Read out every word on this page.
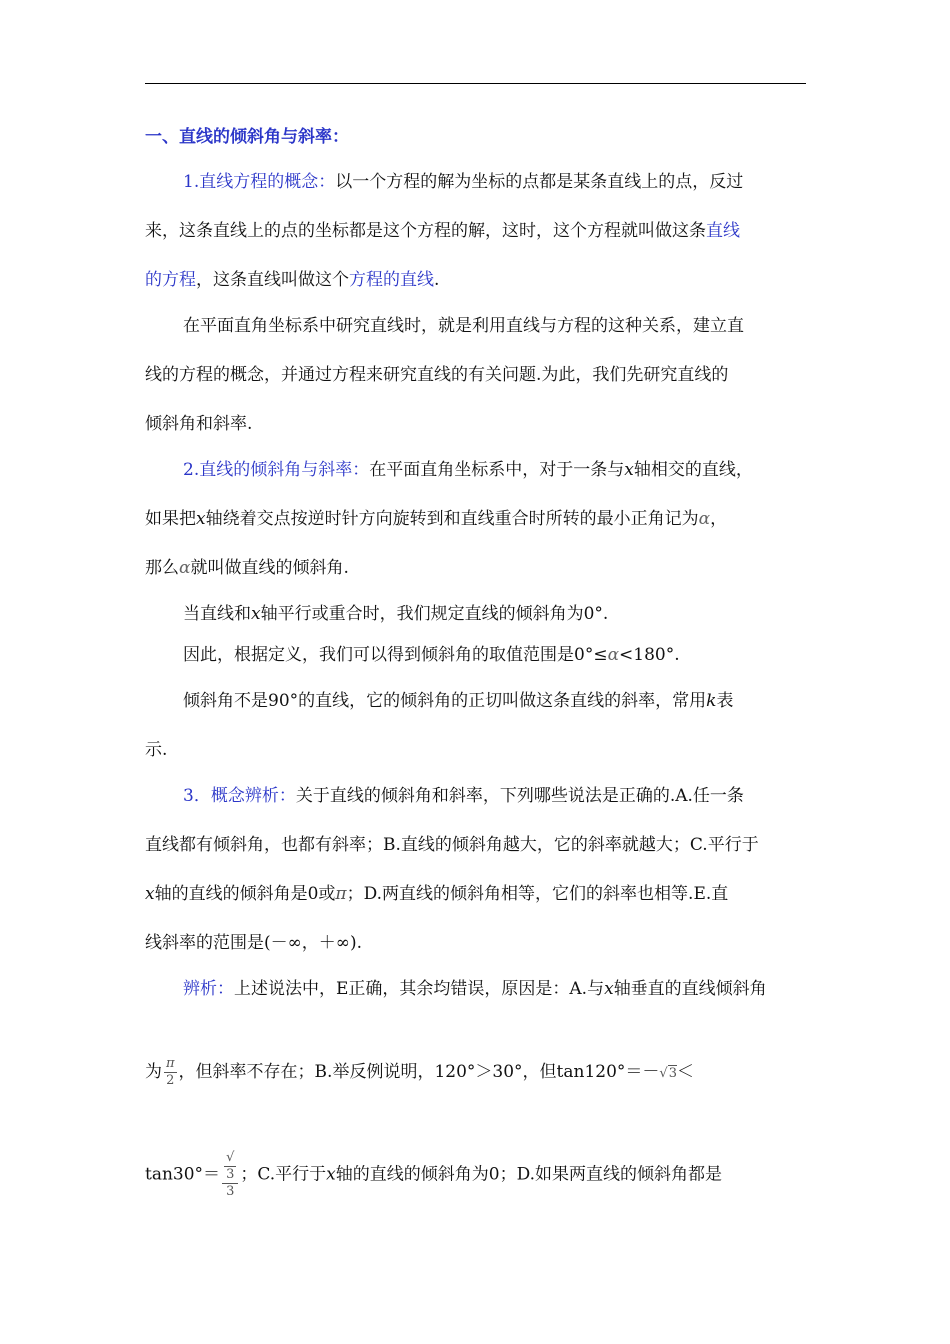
一、直线的倾斜角与斜率：
1.直线方程的概念：以一个方程的解为坐标的点都是某条直线上的点，反过
来，这条直线上的点的坐标都是这个方程的解，这时，这个方程就叫做这条直线
的方程，这条直线叫做这个方程的直线.
在平面直角坐标系中研究直线时，就是利用直线与方程的这种关系，建立直
线的方程的概念，并通过方程来研究直线的有关问题.为此，我们先研究直线的
倾斜角和斜率.
2.直线的倾斜角与斜率：在平面直角坐标系中，对于一条与x轴相交的直线，
如果把x轴绕着交点按逆时针方向旋转到和直线重合时所转的最小正角记为α，
那么α就叫做直线的倾斜角.
当直线和x轴平行或重合时，我们规定直线的倾斜角为0°.
因此，根据定义，我们可以得到倾斜角的取值范围是0°≤α<180°.
倾斜角不是90°的直线，它的倾斜角的正切叫做这条直线的斜率，常用k表
示.
3．概念辨析：关于直线的倾斜角和斜率，下列哪些说法是正确的.A.任一条
直线都有倾斜角，也都有斜率；B.直线的倾斜角越大，它的斜率就越大；C.平行于
x轴的直线的倾斜角是0或π；D.两直线的倾斜角相等，它们的斜率也相等.E.直
线斜率的范围是(－∞，＋∞).
辨析：上述说法中，E正确，其余均错误，原因是：A.与x轴垂直的直线倾斜角
为 $\frac{\pi}{2}$ ，但斜率不存在；B.举反例说明，120°＞30°，但tan120°＝－√3＜
tan30°＝ √
3
3 ；C.平行于x轴的直线的倾斜角为0；D.如果两直线的倾斜角都是
